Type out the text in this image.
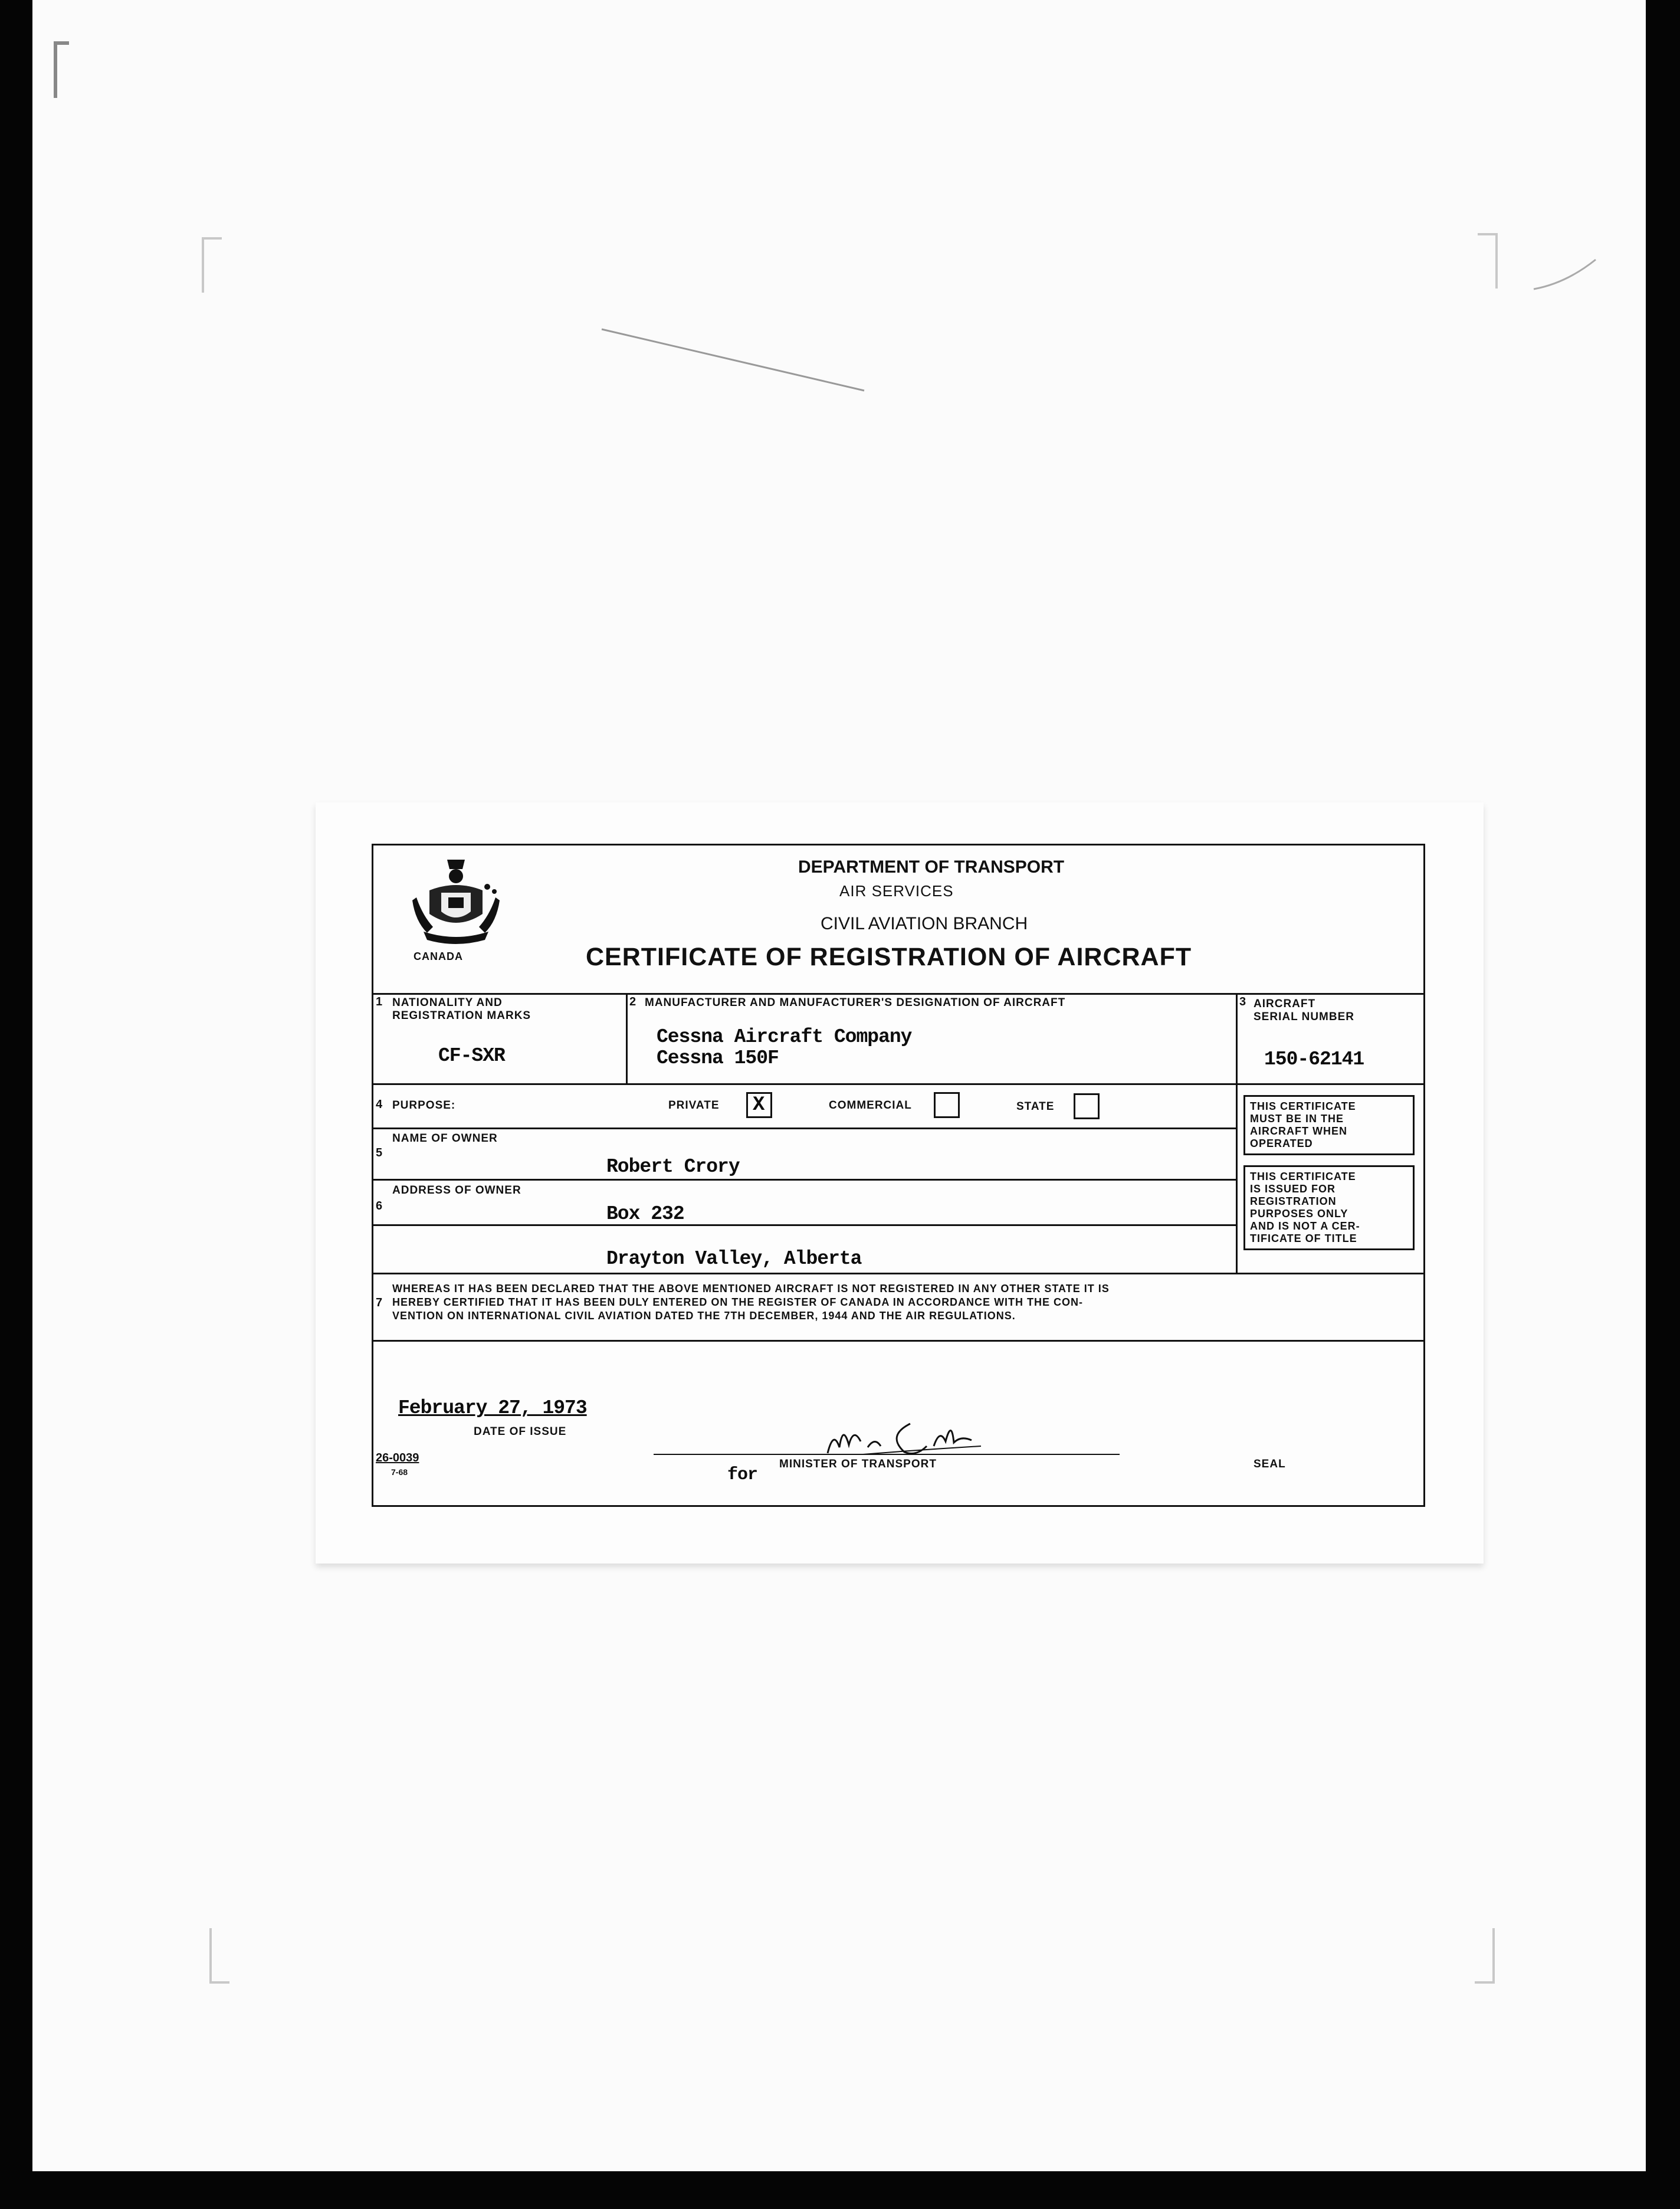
CANADA
DEPARTMENT OF TRANSPORT
AIR SERVICES
CIVIL AVIATION BRANCH
CERTIFICATE OF REGISTRATION OF AIRCRAFT
1 NATIONALITY AND
REGISTRATION MARKS
CF-SXR
2 MANUFACTURER AND MANUFACTURER'S DESIGNATION OF AIRCRAFT
Cessna Aircraft Company
Cessna 150F
3 AIRCRAFT
SERIAL NUMBER
150-62141
4 PURPOSE:	PRIVATE X	COMMERCIAL	STATE
NAME OF OWNER
5
Robert Crory
ADDRESS OF OWNER
6	Box 232
Drayton Valley, Alberta
THIS CERTIFICATE
MUST BE IN THE
AIRCRAFT WHEN
OPERATED
THIS CERTIFICATE
IS ISSUED FOR
REGISTRATION
PURPOSES ONLY
AND IS NOT A CER-
TIFICATE OF TITLE
WHEREAS IT HAS BEEN DECLARED THAT THE ABOVE MENTIONED AIRCRAFT IS NOT REGISTERED IN ANY OTHER STATE IT IS
7 HEREBY CERTIFIED THAT IT HAS BEEN DULY ENTERED ON THE REGISTER OF CANADA IN ACCORDANCE WITH THE CON-
VENTION ON INTERNATIONAL CIVIL AVIATION DATED THE 7TH DECEMBER, 1944 AND THE AIR REGULATIONS.
February 27, 1973
DATE OF ISSUE
26-0039
7-68	for
MINISTER OF TRANSPORT	SEAL
